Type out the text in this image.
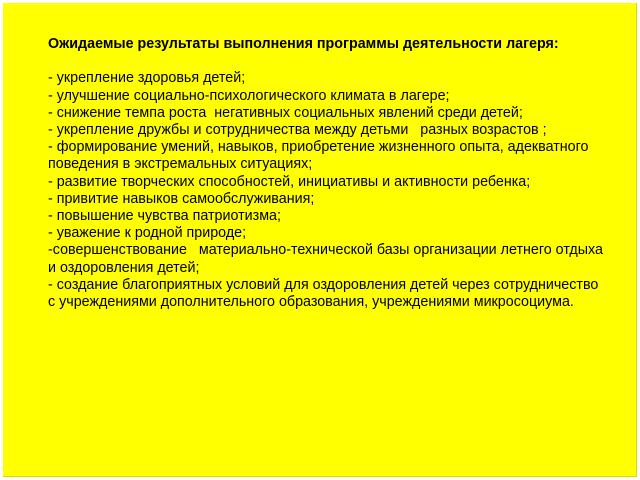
Ожидаемые результаты выполнения программы деятельности лагеря:

- укрепление здоровья детей;
- улучшение социально-психологического климата в лагере;
- снижение темпа роста  негативных социальных явлений среди детей;
- укрепление дружбы и сотрудничества между детьми   разных возрастов ;
- формирование умений, навыков, приобретение жизненного опыта, адекватного поведения в экстремальных ситуациях;
- развитие творческих способностей, инициативы и активности ребенка;
- привитие навыков самообслуживания;
- повышение чувства патриотизма;
- уважение к родной природе;
-совершенствование   материально-технической базы организации летнего отдыха и оздоровления детей;
- создание благоприятных условий для оздоровления детей через сотрудничество с учреждениями дополнительного образования, учреждениями микросоциума.
